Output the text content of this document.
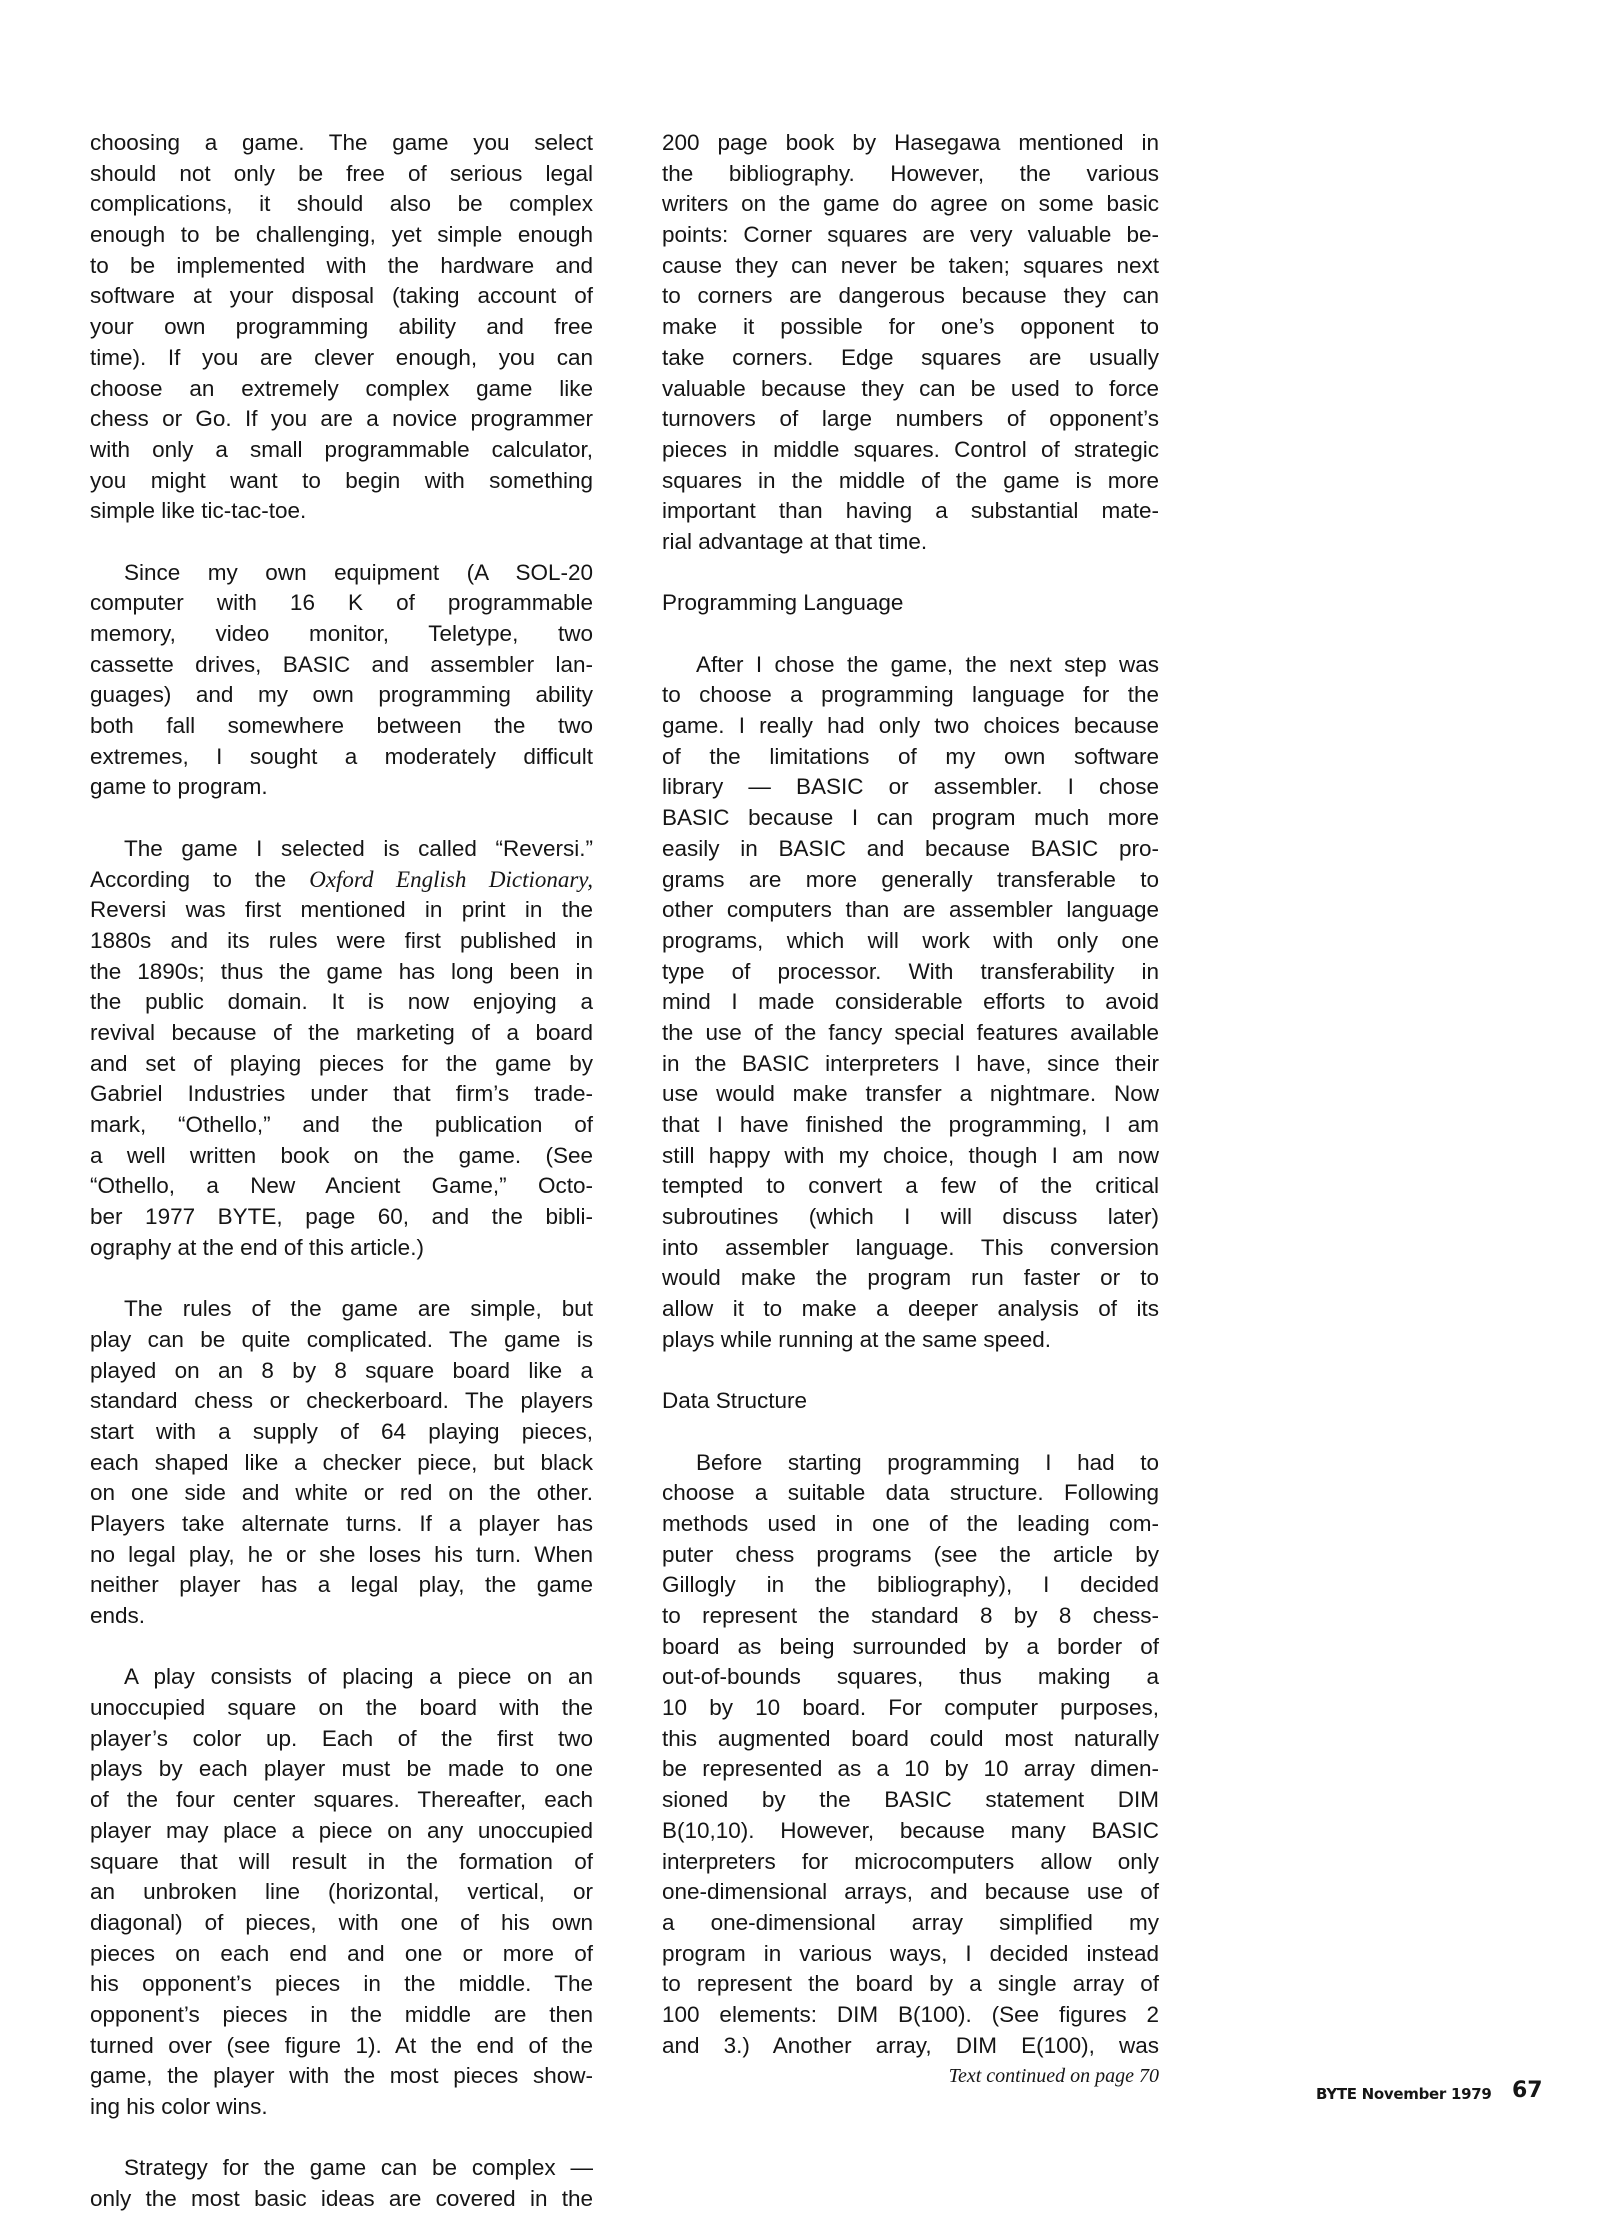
choosing a game. The game you select
should not only be free of serious legal
complications, it should also be complex
enough to be challenging, yet simple enough
to be implemented with the hardware and
software at your disposal (taking account of
your own programming ability and free
time). If you are clever enough, you can
choose an extremely complex game like
chess or Go. If you are a novice programmer
with only a small programmable calculator,
you might want to begin with something
simple like tic-tac-toe.
Since my own equipment (A SOL-20
computer with 16 K of programmable
memory, video monitor, Teletype, two
cassette drives, BASIC and assembler lan-
guages) and my own programming ability
both fall somewhere between the two
extremes, I sought a moderately difficult
game to program.
The game I selected is called “Reversi.”
According to the Oxford English Dictionary,
Reversi was first mentioned in print in the
1880s and its rules were first published in
the 1890s; thus the game has long been in
the public domain. It is now enjoying a
revival because of the marketing of a board
and set of playing pieces for the game by
Gabriel Industries under that firm’s trade-
mark, “Othello,” and the publication of
a well written book on the game. (See
“Othello, a New Ancient Game,” Octo-
ber 1977 BYTE, page 60, and the bibli-
ography at the end of this article.)
The rules of the game are simple, but
play can be quite complicated. The game is
played on an 8 by 8 square board like a
standard chess or checkerboard. The players
start with a supply of 64 playing pieces,
each shaped like a checker piece, but black
on one side and white or red on the other.
Players take alternate turns. If a player has
no legal play, he or she loses his turn. When
neither player has a legal play, the game
ends.
A play consists of placing a piece on an
unoccupied square on the board with the
player’s color up. Each of the first two
plays by each player must be made to one
of the four center squares. Thereafter, each
player may place a piece on any unoccupied
square that will result in the formation of
an unbroken line (horizontal, vertical, or
diagonal) of pieces, with one of his own
pieces on each end and one or more of
his opponent’s pieces in the middle. The
opponent’s pieces in the middle are then
turned over (see figure 1). At the end of the
game, the player with the most pieces show-
ing his color wins.
Strategy for the game can be complex —
only the most basic ideas are covered in the
200 page book by Hasegawa mentioned in
the bibliography. However, the various
writers on the game do agree on some basic
points: Corner squares are very valuable be-
cause they can never be taken; squares next
to corners are dangerous because they can
make it possible for one’s opponent to
take corners. Edge squares are usually
valuable because they can be used to force
turnovers of large numbers of opponent’s
pieces in middle squares. Control of strategic
squares in the middle of the game is more
important than having a substantial mate-
rial advantage at that time.
Programming Language
After I chose the game, the next step was
to choose a programming language for the
game. I really had only two choices because
of the limitations of my own software
library — BASIC or assembler. I chose
BASIC because I can program much more
easily in BASIC and because BASIC pro-
grams are more generally transferable to
other computers than are assembler language
programs, which will work with only one
type of processor. With transferability in
mind I made considerable efforts to avoid
the use of the fancy special features available
in the BASIC interpreters I have, since their
use would make transfer a nightmare. Now
that I have finished the programming, I am
still happy with my choice, though I am now
tempted to convert a few of the critical
subroutines (which I will discuss later)
into assembler language. This conversion
would make the program run faster or to
allow it to make a deeper analysis of its
plays while running at the same speed.
Data Structure
Before starting programming I had to
choose a suitable data structure. Following
methods used in one of the leading com-
puter chess programs (see the article by
Gillogly in the bibliography), I decided
to represent the standard 8 by 8 chess-
board as being surrounded by a border of
out-of-bounds squares, thus making a
10 by 10 board. For computer purposes,
this augmented board could most naturally
be represented as a 10 by 10 array dimen-
sioned by the BASIC statement DIM
B(10,10). However, because many BASIC
interpreters for microcomputers allow only
one-dimensional arrays, and because use of
a one-dimensional array simplified my
program in various ways, I decided instead
to represent the board by a single array of
100 elements: DIM B(100). (See figures 2
and 3.) Another array, DIM E(100), was
Text continued on page 70
BYTE November 1979 67
